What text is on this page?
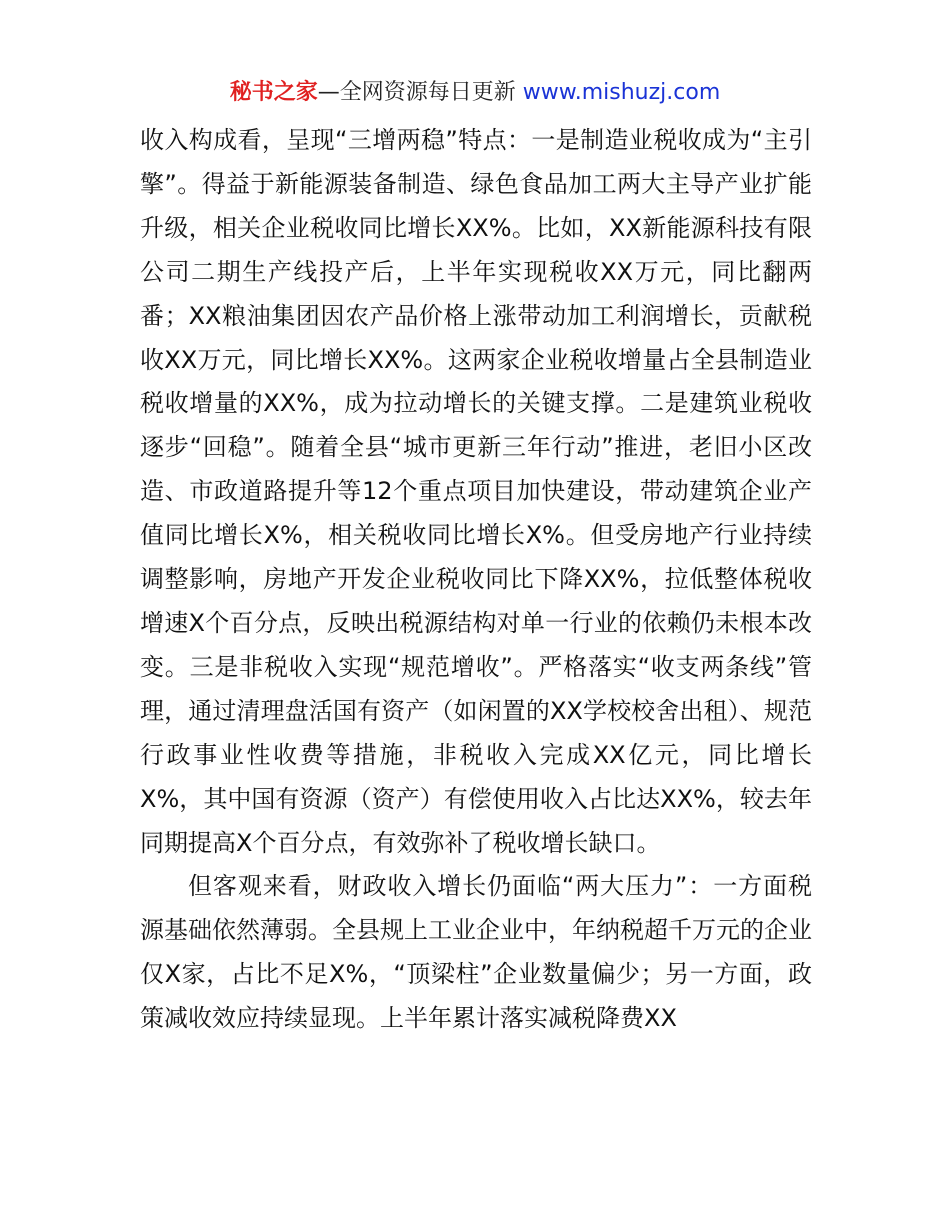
秘书之家—全网资源每日更新 www.mishuzj.com

收入构成看，呈现“三增两稳”特点：一是制造业税收成为“主引擎”。得益于新能源装备制造、绿色食品加工两大主导产业扩能升级，相关企业税收同比增长XX%。比如，XX新能源科技有限公司二期生产线投产后，上半年实现税收XX万元，同比翻两番；XX粮油集团因农产品价格上涨带动加工利润增长，贡献税收XX万元，同比增长XX%。这两家企业税收增量占全县制造业税收增量的XX%，成为拉动增长的关键支撑。二是建筑业税收逐步“回稳”。随着全县“城市更新三年行动”推进，老旧小区改造、市政道路提升等12个重点项目加快建设，带动建筑企业产值同比增长X%，相关税收同比增长X%。但受房地产行业持续调整影响，房地产开发企业税收同比下降XX%，拉低整体税收增速X个百分点，反映出税源结构对单一行业的依赖仍未根本改变。三是非税收入实现“规范增收”。严格落实“收支两条线”管理，通过清理盘活国有资产（如闲置的XX学校校舍出租）、规范行政事业性收费等措施，非税收入完成XX亿元，同比增长X%，其中国有资源（资产）有偿使用收入占比达XX%，较去年同期提高X个百分点，有效弥补了税收增长缺口。

但客观来看，财政收入增长仍面临“两大压力”：一方面税源基础依然薄弱。全县规上工业企业中，年纳税超千万元的企业仅X家，占比不足X%，“顶梁柱”企业数量偏少；另一方面，政策减收效应持续显现。上半年累计落实减税降费XX
